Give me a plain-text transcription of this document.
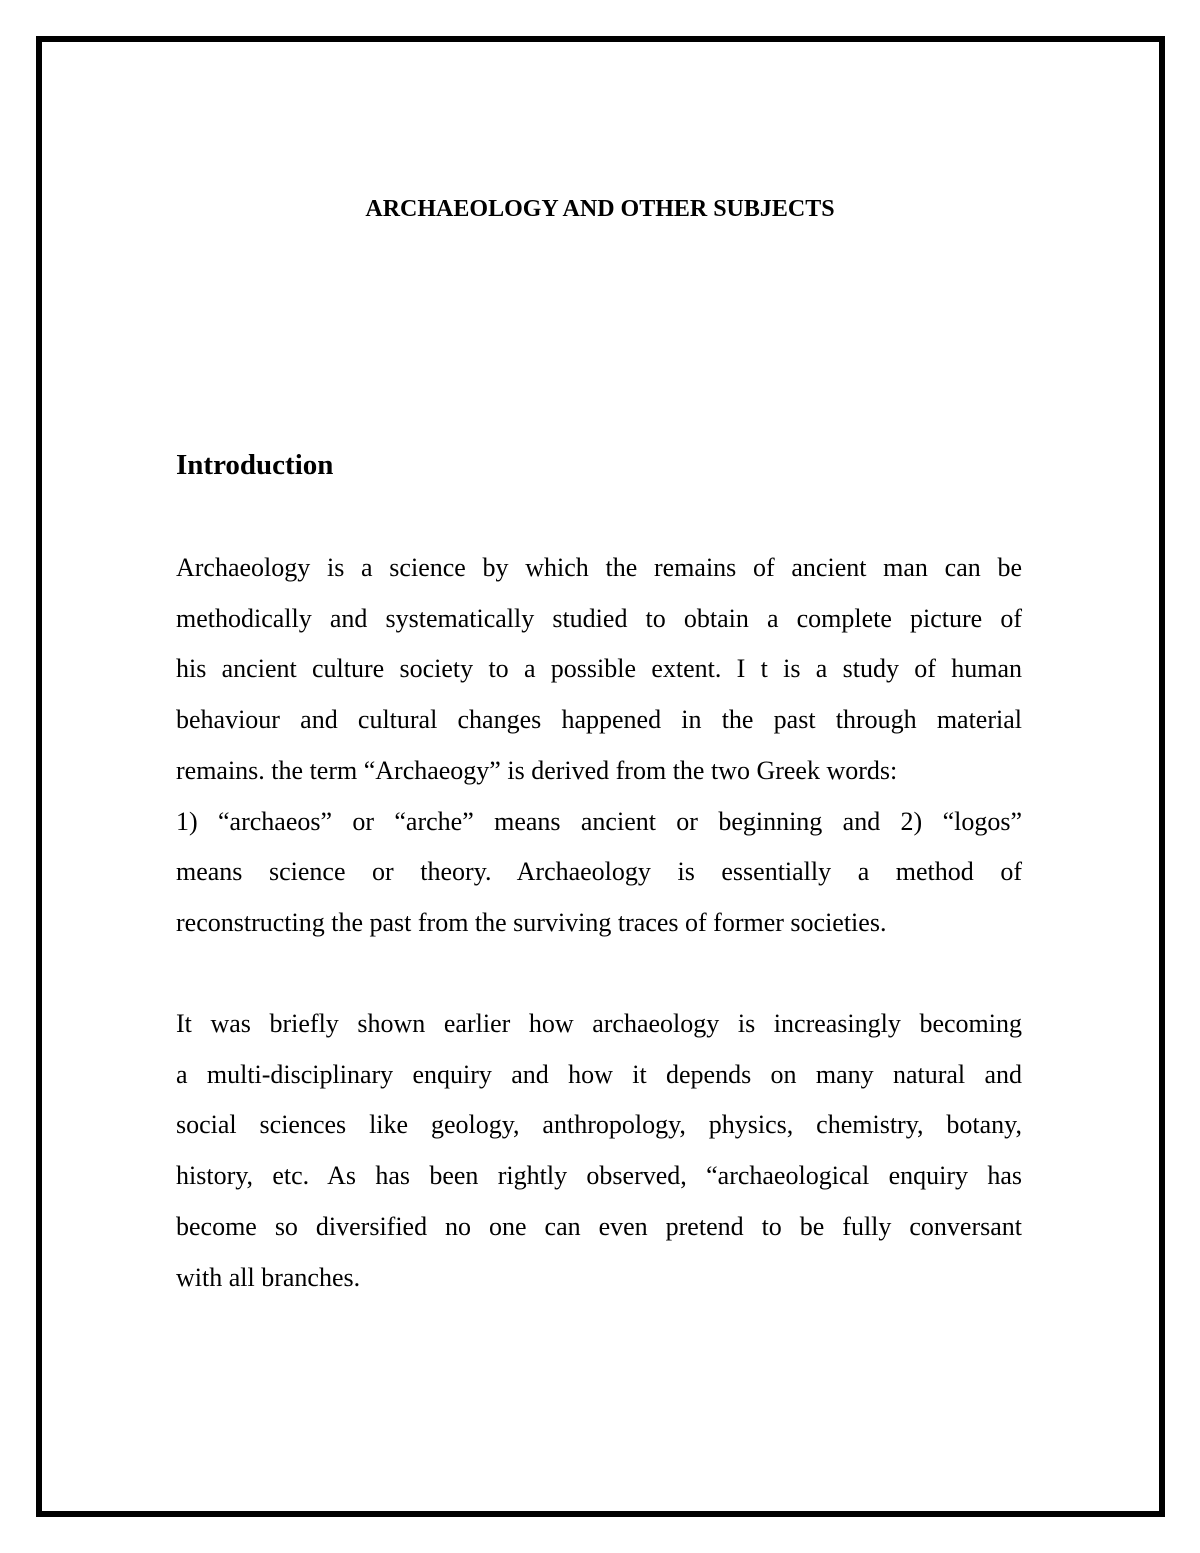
ARCHAEOLOGY AND OTHER SUBJECTS
Introduction
Archaeology is a science by which the remains of ancient man can be
methodically and systematically studied to obtain a complete picture of
his ancient culture society to a possible extent. I t is a study of human
behaviour and cultural changes happened in the past through material
remains. the term “Archaeogy” is derived from the two Greek words:
1) “archaeos” or “arche” means ancient or beginning and 2) “logos”
means science or theory. Archaeology is essentially a method of
reconstructing the past from the surviving traces of former societies.
It was briefly shown earlier how archaeology is increasingly becoming
a multi-disciplinary enquiry and how it depends on many natural and
social sciences like geology, anthropology, physics, chemistry, botany,
history, etc. As has been rightly observed, “archaeological enquiry has
become so diversified no one can even pretend to be fully conversant
with all branches.
